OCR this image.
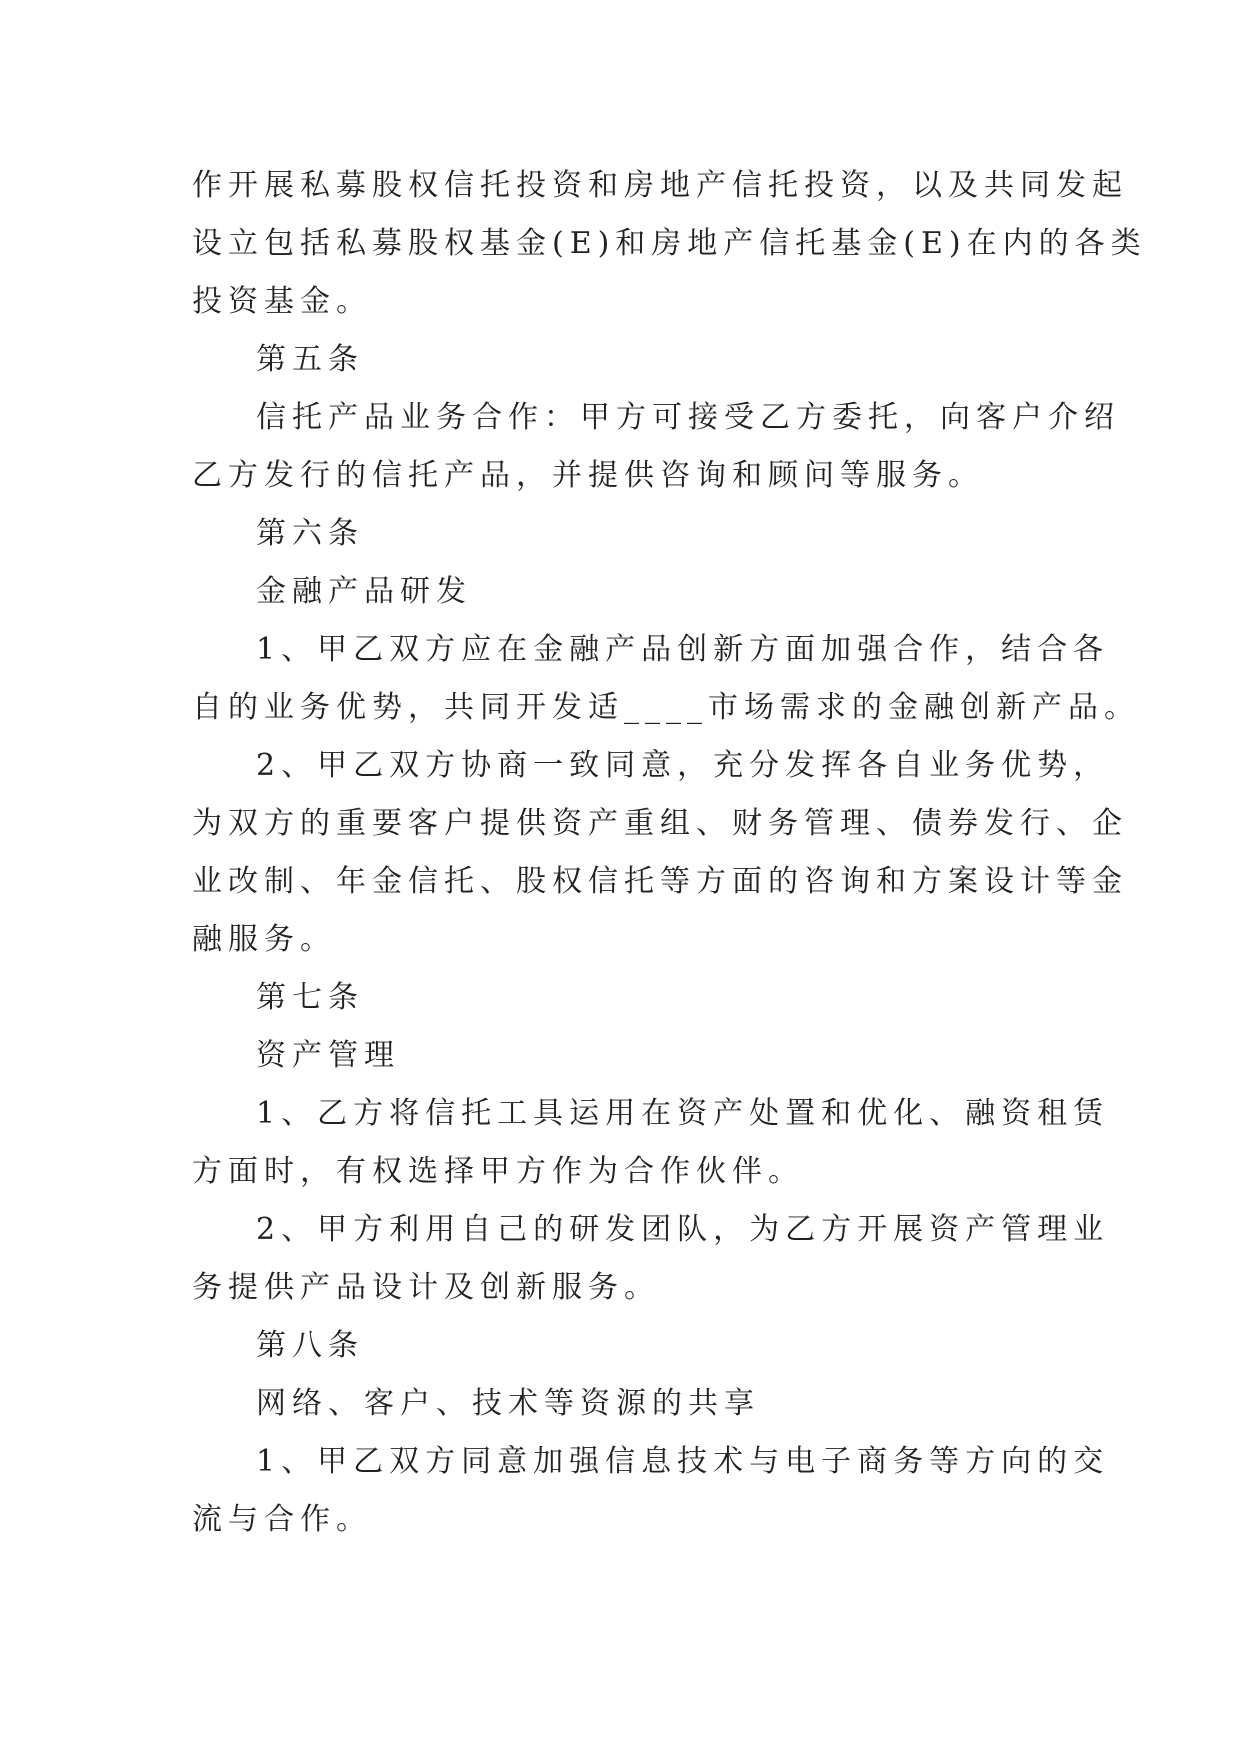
作开展私募股权信托投资和房地产信托投资，以及共同发起
设立包括私募股权基金(E)和房地产信托基金(E)在内的各类
投资基金。

第五条

信托产品业务合作：甲方可接受乙方委托，向客户介绍
乙方发行的信托产品，并提供咨询和顾问等服务。

第六条

金融产品研发

1、甲乙双方应在金融产品创新方面加强合作，结合各
自的业务优势，共同开发适____市场需求的金融创新产品。

2、甲乙双方协商一致同意，充分发挥各自业务优势，
为双方的重要客户提供资产重组、财务管理、债券发行、企
业改制、年金信托、股权信托等方面的咨询和方案设计等金
融服务。

第七条

资产管理

1、乙方将信托工具运用在资产处置和优化、融资租赁
方面时，有权选择甲方作为合作伙伴。

2、甲方利用自己的研发团队，为乙方开展资产管理业
务提供产品设计及创新服务。

第八条

网络、客户、技术等资源的共享

1、甲乙双方同意加强信息技术与电子商务等方向的交
流与合作。
